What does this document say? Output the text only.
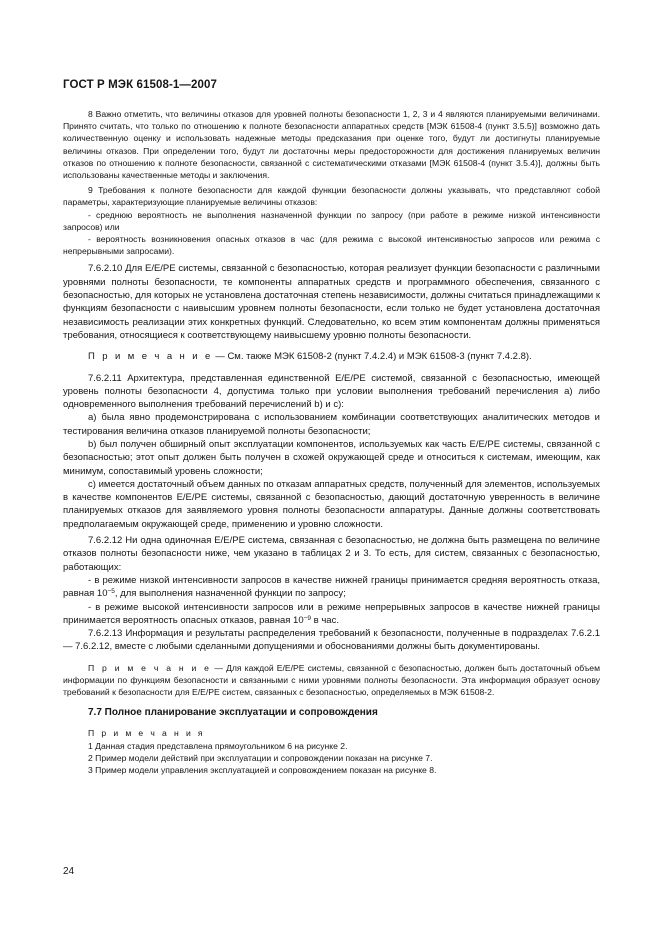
ГОСТ Р МЭК 61508-1—2007

8 Важно отметить, что величины отказов для уровней полноты безопасности 1, 2, 3 и 4 являются планируемыми величинами. Принято считать, что только по отношению к полноте безопасности аппаратных средств [МЭК 61508-4 (пункт 3.5.5)] возможно дать количественную оценку и использовать надежные методы предсказания при оценке того, будут ли достигнуты планируемые величины отказов. При определении того, будут ли достаточны меры предосторожности для достижения планируемых величин отказов по отношению к полноте безопасности, связанной с систематическими отказами [МЭК 61508-4 (пункт 3.5.4)], должны быть использованы качественные методы и заключения.

9 Требования к полноте безопасности для каждой функции безопасности должны указывать, что представляют собой параметры, характеризующие планируемые величины отказов:

- среднюю вероятность не выполнения назначенной функции по запросу (при работе в режиме низкой интенсивности запросов) или

- вероятность возникновения опасных отказов в час (для режима с высокой интенсивностью запросов или режима с непрерывными запросами).

7.6.2.10 Для Е/Е/РЕ системы, связанной с безопасностью, которая реализует функции безопасности с различными уровнями полноты безопасности, те компоненты аппаратных средств и программного обеспечения, связанного с безопасностью, для которых не установлена достаточная степень независимости, должны считаться принадлежащими к функциям безопасности с наивысшим уровнем полноты безопасности, если только не будет установлена достаточная независимость реализации этих конкретных функций. Следовательно, ко всем этим компонентам должны применяться требования, относящиеся к соответствующему наивысшему уровню полноты безопасности.

П р и м е ч а н и е — См. также МЭК 61508-2 (пункт 7.4.2.4) и МЭК 61508-3 (пункт 7.4.2.8).

7.6.2.11 Архитектура, представленная единственной Е/Е/РЕ системой, связанной с безопасностью, имеющей уровень полноты безопасности 4, допустима только при условии выполнения требований перечисления a) либо одновременного выполнения требований перечислений b) и с):

a) была явно продемонстрирована с использованием комбинации соответствующих аналитических методов и тестирования величина отказов планируемой полноты безопасности;

b) был получен обширный опыт эксплуатации компонентов, используемых как часть Е/Е/РЕ системы, связанной с безопасностью; этот опыт должен быть получен в схожей окружающей среде и относиться к системам, имеющим, как минимум, сопоставимый уровень сложности;

с) имеется достаточный объем данных по отказам аппаратных средств, полученный для элементов, используемых в качестве компонентов Е/Е/РЕ системы, связанной с безопасностью, дающий достаточную уверенность в величине планируемых отказов для заявляемого уровня полноты безопасности аппаратуры. Данные должны соответствовать предполагаемым окружающей среде, применению и уровню сложности.

7.6.2.12 Ни одна одиночная Е/Е/РЕ система, связанная с безопасностью, не должна быть размещена по величине отказов полноты безопасности ниже, чем указано в таблицах 2 и 3. То есть, для систем, связанных с безопасностью, работающих:

- в режиме низкой интенсивности запросов в качестве нижней границы принимается средняя вероятность отказа, равная $10^{-5}$, для выполнения назначенной функции по запросу;

- в режиме высокой интенсивности запросов или в режиме непрерывных запросов в качестве нижней границы принимается вероятность опасных отказов, равная $10^{-9}$ в час.

7.6.2.13 Информация и результаты распределения требований к безопасности, полученные в подразделах 7.6.2.1 — 7.6.2.12, вместе с любыми сделанными допущениями и обоснованиями должны быть документированы.

П р и м е ч а н и е — Для каждой Е/Е/РЕ системы, связанной с безопасностью, должен быть достаточный объем информации по функциям безопасности и связанными с ними уровнями полноты безопасности. Эта информация образует основу требований к безопасности для Е/Е/РЕ систем, связанных с безопасностью, определяемых в МЭК 61508-2.

7.7 Полное планирование эксплуатации и сопровождения

П р и м е ч а н и я

1 Данная стадия представлена прямоугольником 6 на рисунке 2.

2 Пример модели действий при эксплуатации и сопровождении показан на рисунке 7.

3 Пример модели управления эксплуатацией и сопровождением показан на рисунке 8.

24
